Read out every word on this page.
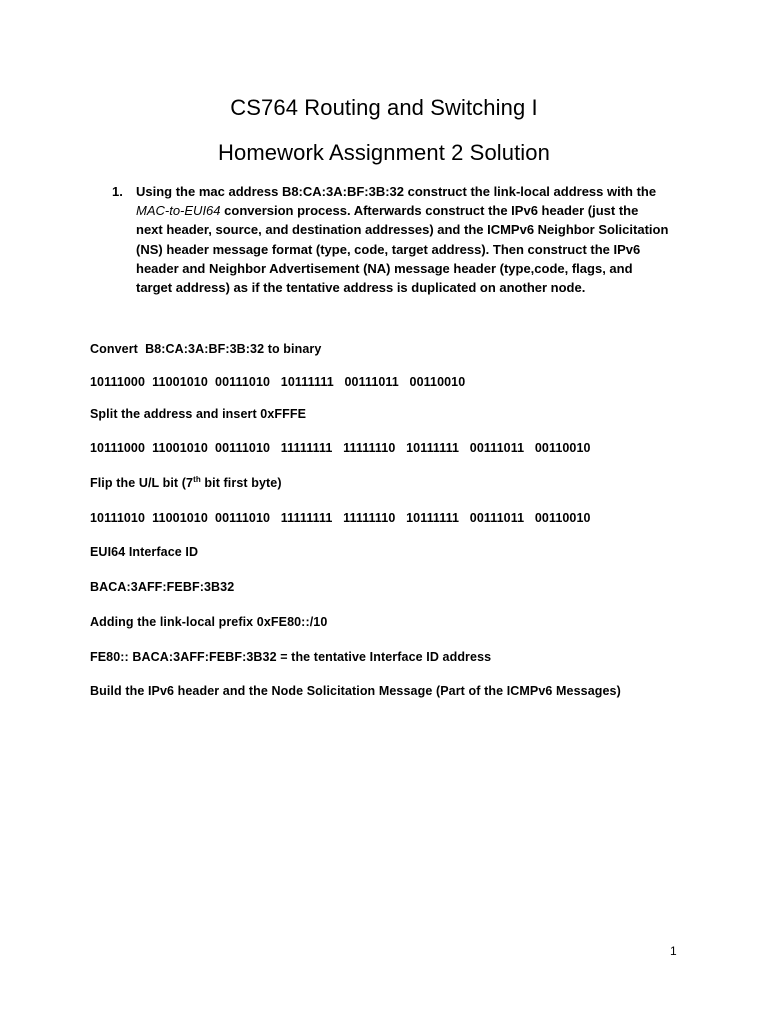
CS764 Routing and Switching I
Homework Assignment 2 Solution
1. Using the mac address B8:CA:3A:BF:3B:32 construct the link-local address with the
MAC-to-EUI64 conversion process. Afterwards construct the IPv6 header (just the
next header, source, and destination addresses) and the ICMPv6 Neighbor Solicitation
(NS) header message format (type, code, target address). Then construct the IPv6
header and Neighbor Advertisement (NA) message header (type,code, flags, and
target address) as if the tentative address is duplicated on another node.
Convert  B8:CA:3A:BF:3B:32 to binary
10111000  11001010  00111010   10111111   00111011   00110010
Split the address and insert 0xFFFE
10111000  11001010  00111010   11111111   11111110   10111111   00111011   00110010
Flip the U/L bit (7th bit first byte)
10111010  11001010  00111010   11111111   11111110   10111111   00111011   00110010
EUI64 Interface ID
BACA:3AFF:FEBF:3B32
Adding the link-local prefix 0xFE80::/10
FE80:: BACA:3AFF:FEBF:3B32 = the tentative Interface ID address
Build the IPv6 header and the Node Solicitation Message (Part of the ICMPv6 Messages)
1
